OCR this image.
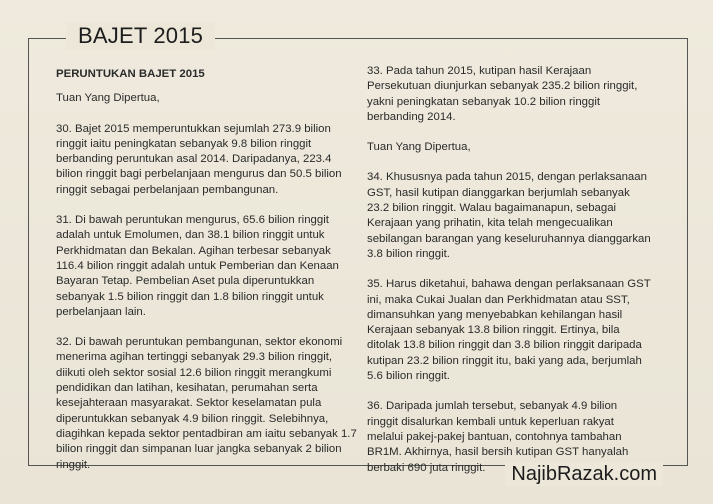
BAJET 2015
PERUNTUKAN BAJET 2015
Tuan Yang Dipertua,
30. Bajet 2015 memperuntukkan sejumlah 273.9 bilion ringgit iaitu peningkatan sebanyak 9.8 bilion ringgit berbanding peruntukan asal 2014. Daripadanya, 223.4 bilion ringgit bagi perbelanjaan mengurus dan 50.5 bilion ringgit sebagai perbelanjaan pembangunan.
31. Di bawah peruntukan mengurus, 65.6 bilion ringgit adalah untuk Emolumen, dan 38.1 bilion ringgit untuk Perkhidmatan dan Bekalan. Agihan terbesar sebanyak 116.4 bilion ringgit adalah untuk Pemberian dan Kenaan Bayaran Tetap. Pembelian Aset pula diperuntukkan sebanyak 1.5 bilion ringgit dan 1.8 bilion ringgit untuk perbelanjaan lain.
32. Di bawah peruntukan pembangunan, sektor ekonomi menerima agihan tertinggi sebanyak 29.3 bilion ringgit, diikuti oleh sektor sosial 12.6 bilion ringgit merangkumi pendidikan dan latihan, kesihatan, perumahan serta kesejahteraan masyarakat. Sektor keselamatan pula diperuntukkan sebanyak 4.9 bilion ringgit. Selebihnya, diagihkan kepada sektor pentadbiran am iaitu sebanyak 1.7 bilion ringgit dan simpanan luar jangka sebanyak 2 bilion ringgit.
33. Pada tahun 2015, kutipan hasil Kerajaan Persekutuan diunjurkan sebanyak 235.2 bilion ringgit, yakni peningkatan sebanyak 10.2 bilion ringgit berbanding 2014.
Tuan Yang Dipertua,
34. Khususnya pada tahun 2015, dengan perlaksanaan GST, hasil kutipan dianggarkan berjumlah sebanyak 23.2 bilion ringgit. Walau bagaimanapun, sebagai Kerajaan yang prihatin, kita telah mengecualikan sebilangan barangan yang keseluruhannya dianggarkan 3.8 bilion ringgit.
35. Harus diketahui, bahawa dengan perlaksanaan GST ini, maka Cukai Jualan dan Perkhidmatan atau SST, dimansuhkan yang menyebabkan kehilangan hasil Kerajaan sebanyak 13.8 bilion ringgit. Ertinya, bila ditolak 13.8 bilion ringgit dan 3.8 bilion ringgit daripada kutipan 23.2 bilion ringgit itu, baki yang ada, berjumlah 5.6 bilion ringgit.
36. Daripada jumlah tersebut, sebanyak 4.9 bilion ringgit disalurkan kembali untuk keperluan rakyat melalui pakej-pakej bantuan, contohnya tambahan BR1M. Akhirnya, hasil bersih kutipan GST hanyalah berbaki 690 juta ringgit.	NajibRazak.com
